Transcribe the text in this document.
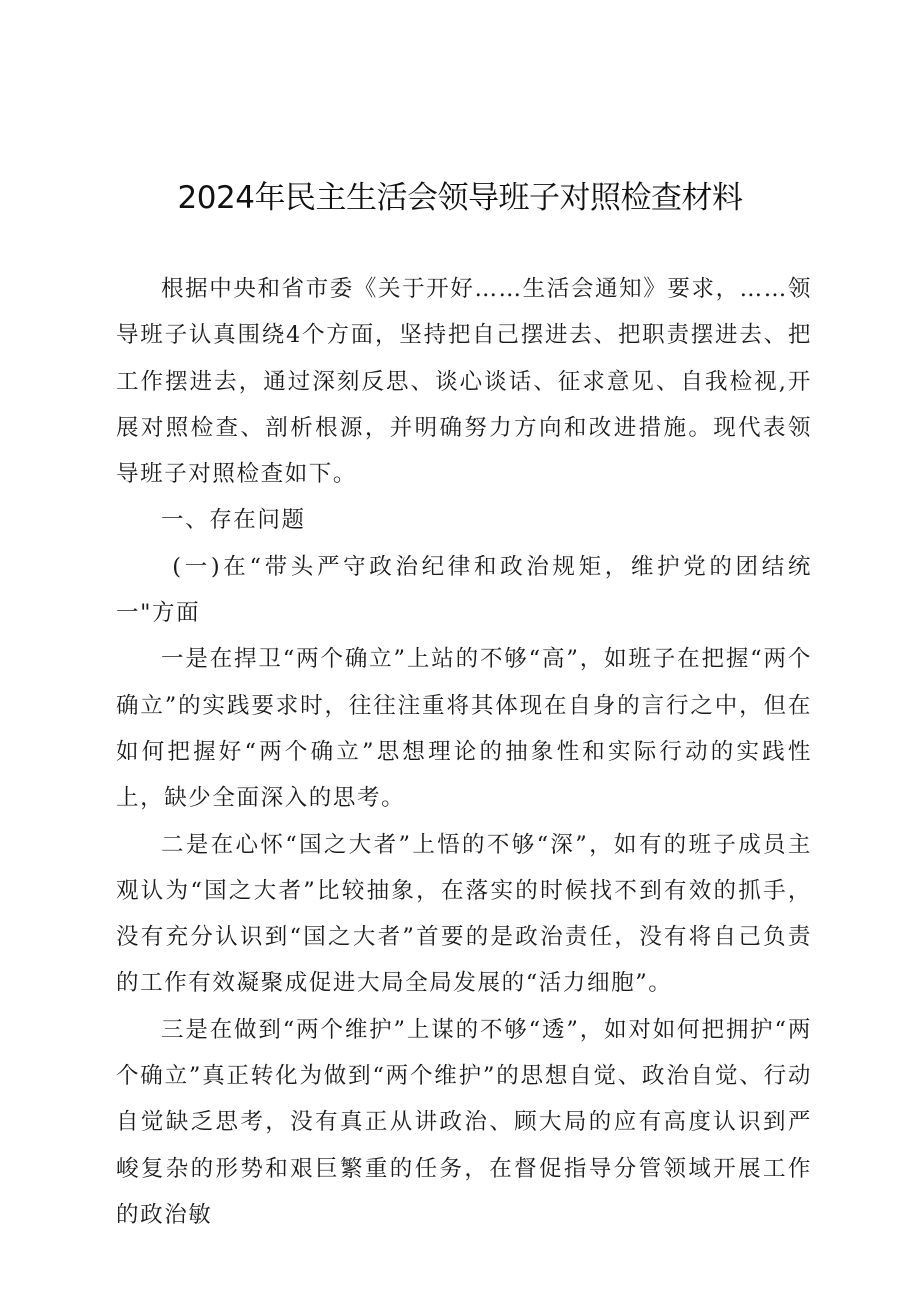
2024年民主生活会领导班子对照检查材料

根据中央和省市委《关于开好……生活会通知》要求，……领导班子认真围绕4个方面，坚持把自己摆进去、把职责摆进去、把工作摆进去，通过深刻反思、谈心谈话、征求意见、自我检视,开展对照检查、剖析根源，并明确努力方向和改进措施。现代表领导班子对照检查如下。

一、存在问题

(一)在“带头严守政治纪律和政治规矩，维护党的团结统一"方面

一是在捍卫“两个确立”上站的不够“高”，如班子在把握“两个确立”的实践要求时，往往注重将其体现在自身的言行之中，但在如何把握好“两个确立”思想理论的抽象性和实际行动的实践性上，缺少全面深入的思考。

二是在心怀“国之大者”上悟的不够“深”，如有的班子成员主观认为“国之大者”比较抽象，在落实的时候找不到有效的抓手，没有充分认识到“国之大者”首要的是政治责任，没有将自己负责的工作有效凝聚成促进大局全局发展的“活力细胞”。

三是在做到“两个维护”上谋的不够“透”，如对如何把拥护“两个确立”真正转化为做到“两个维护”的思想自觉、政治自觉、行动自觉缺乏思考，没有真正从讲政治、顾大局的应有高度认识到严峻复杂的形势和艰巨繁重的任务，在督促指导分管领域开展工作的政治敏
